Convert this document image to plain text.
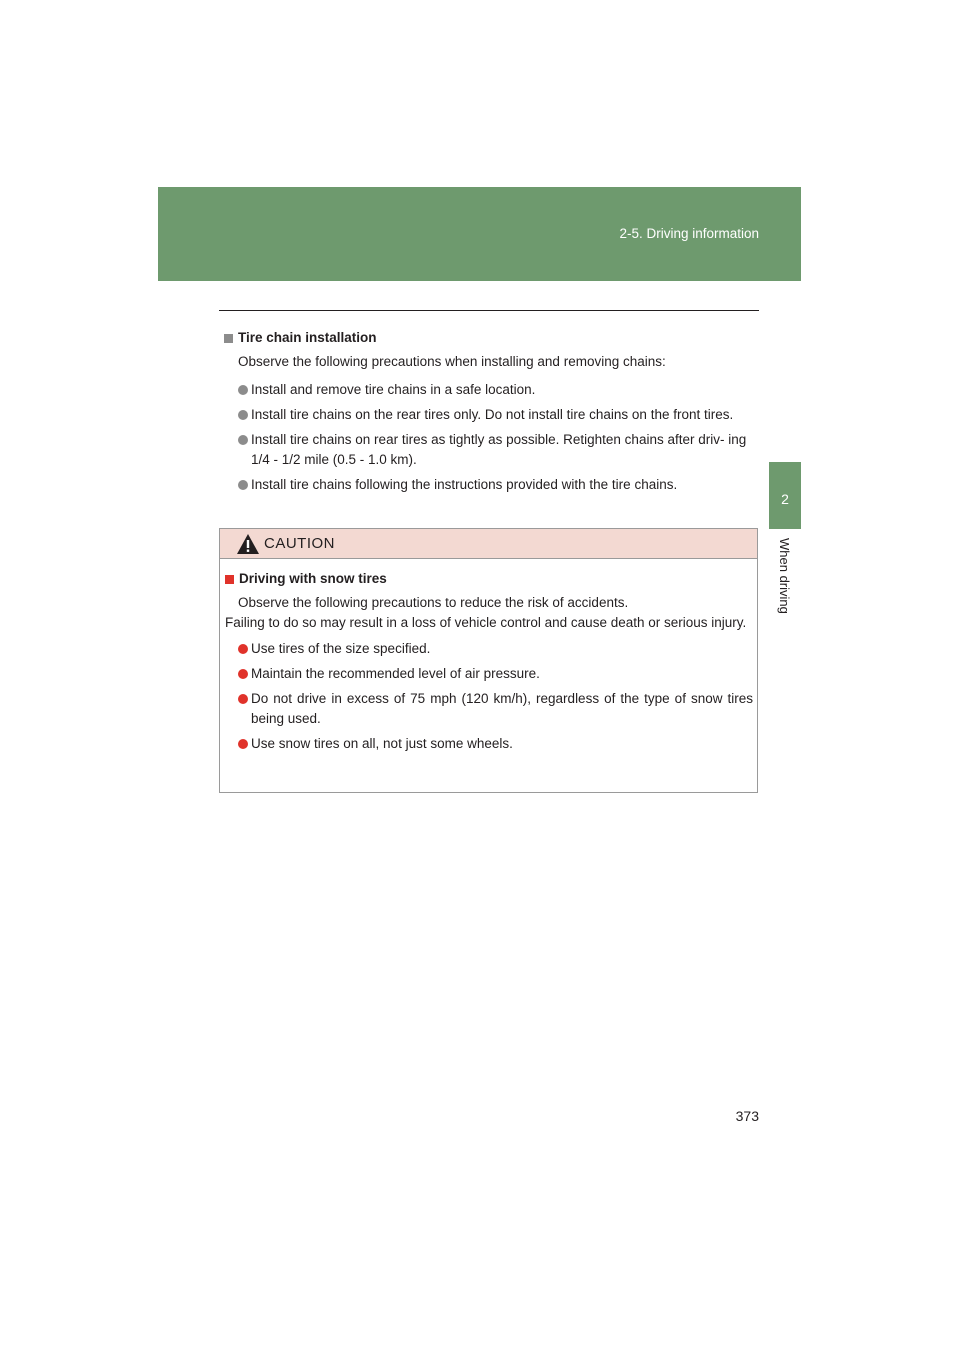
2-5. Driving information
2
When driving
Tire chain installation
Observe the following precautions when installing and removing chains:
Install and remove tire chains in a safe location.
Install tire chains on the rear tires only. Do not install tire chains on the front tires.
Install tire chains on rear tires as tightly as possible. Retighten chains after driv- ing 1/4 - 1/2 mile (0.5 - 1.0 km).
Install tire chains following the instructions provided with the tire chains.
CAUTION
Driving with snow tires
Observe the following precautions to reduce the risk of accidents.
Failing to do so may result in a loss of vehicle control and cause death or serious injury.
Use tires of the size specified.
Maintain the recommended level of air pressure.
Do not drive in excess of 75 mph (120 km/h), regardless of the type of snow tires being used.
Use snow tires on all, not just some wheels.
373
